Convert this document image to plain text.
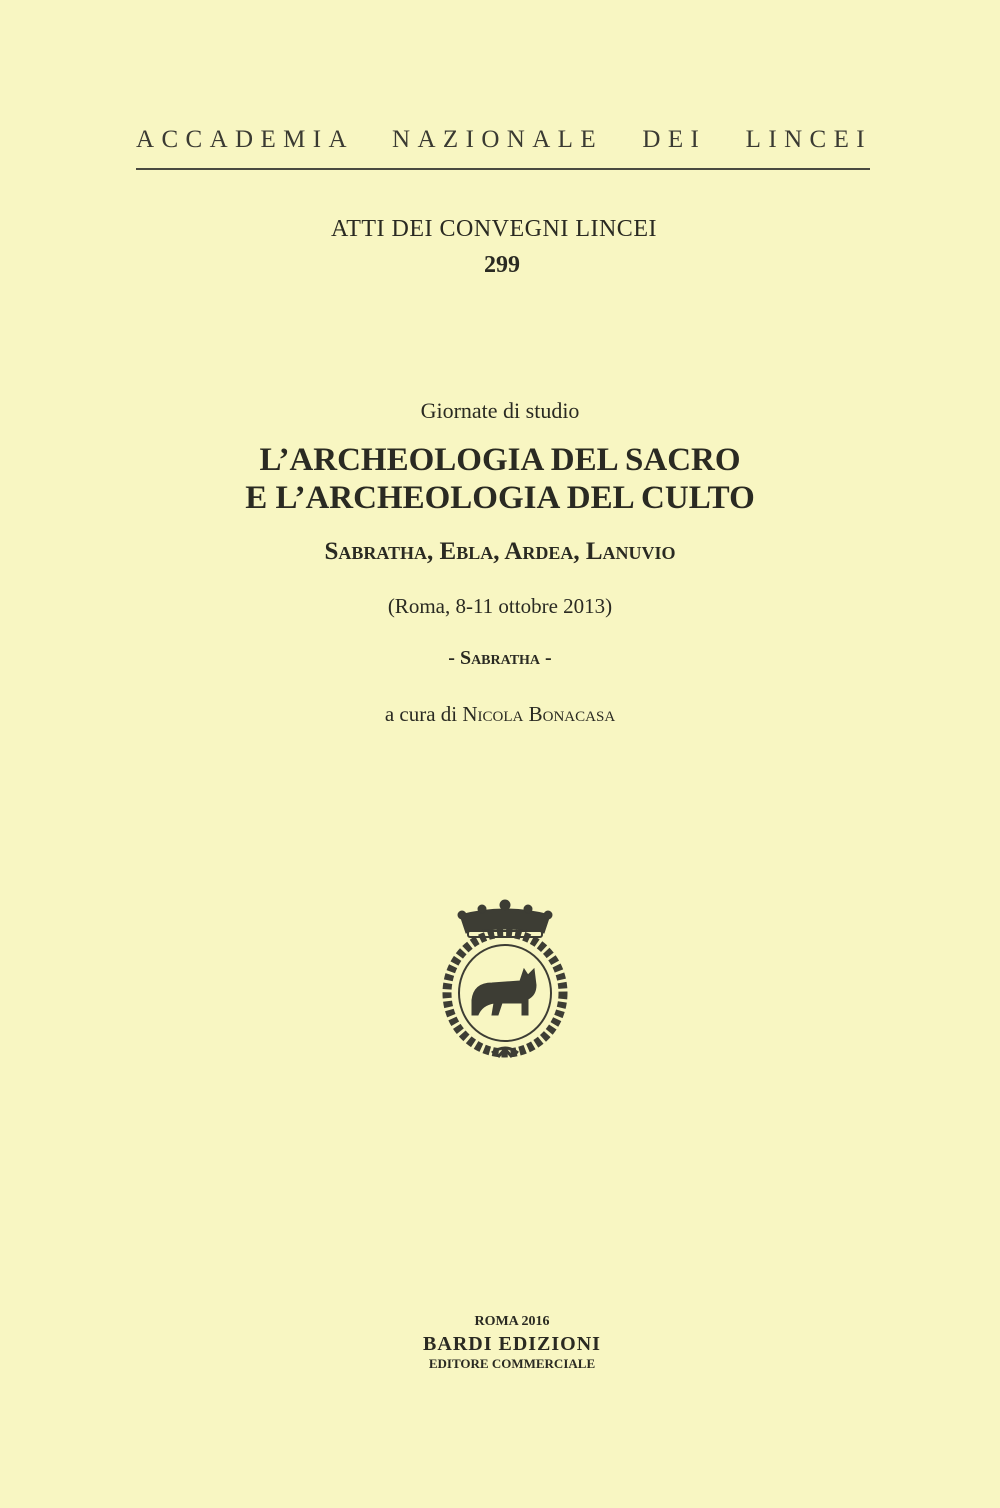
ACCADEMIA NAZIONALE DEI LINCEI
ATTI DEI CONVEGNI LINCEI
299
Giornate di studio
L’ARCHEOLOGIA DEL SACRO
E L’ARCHEOLOGIA DEL CULTO
Sabratha, Ebla, Ardea, Lanuvio
(Roma, 8-11 ottobre 2013)
- Sabratha -
a cura di Nicola Bonacasa
ROMA 2016
BARDI EDIZIONI
EDITORE COMMERCIALE
